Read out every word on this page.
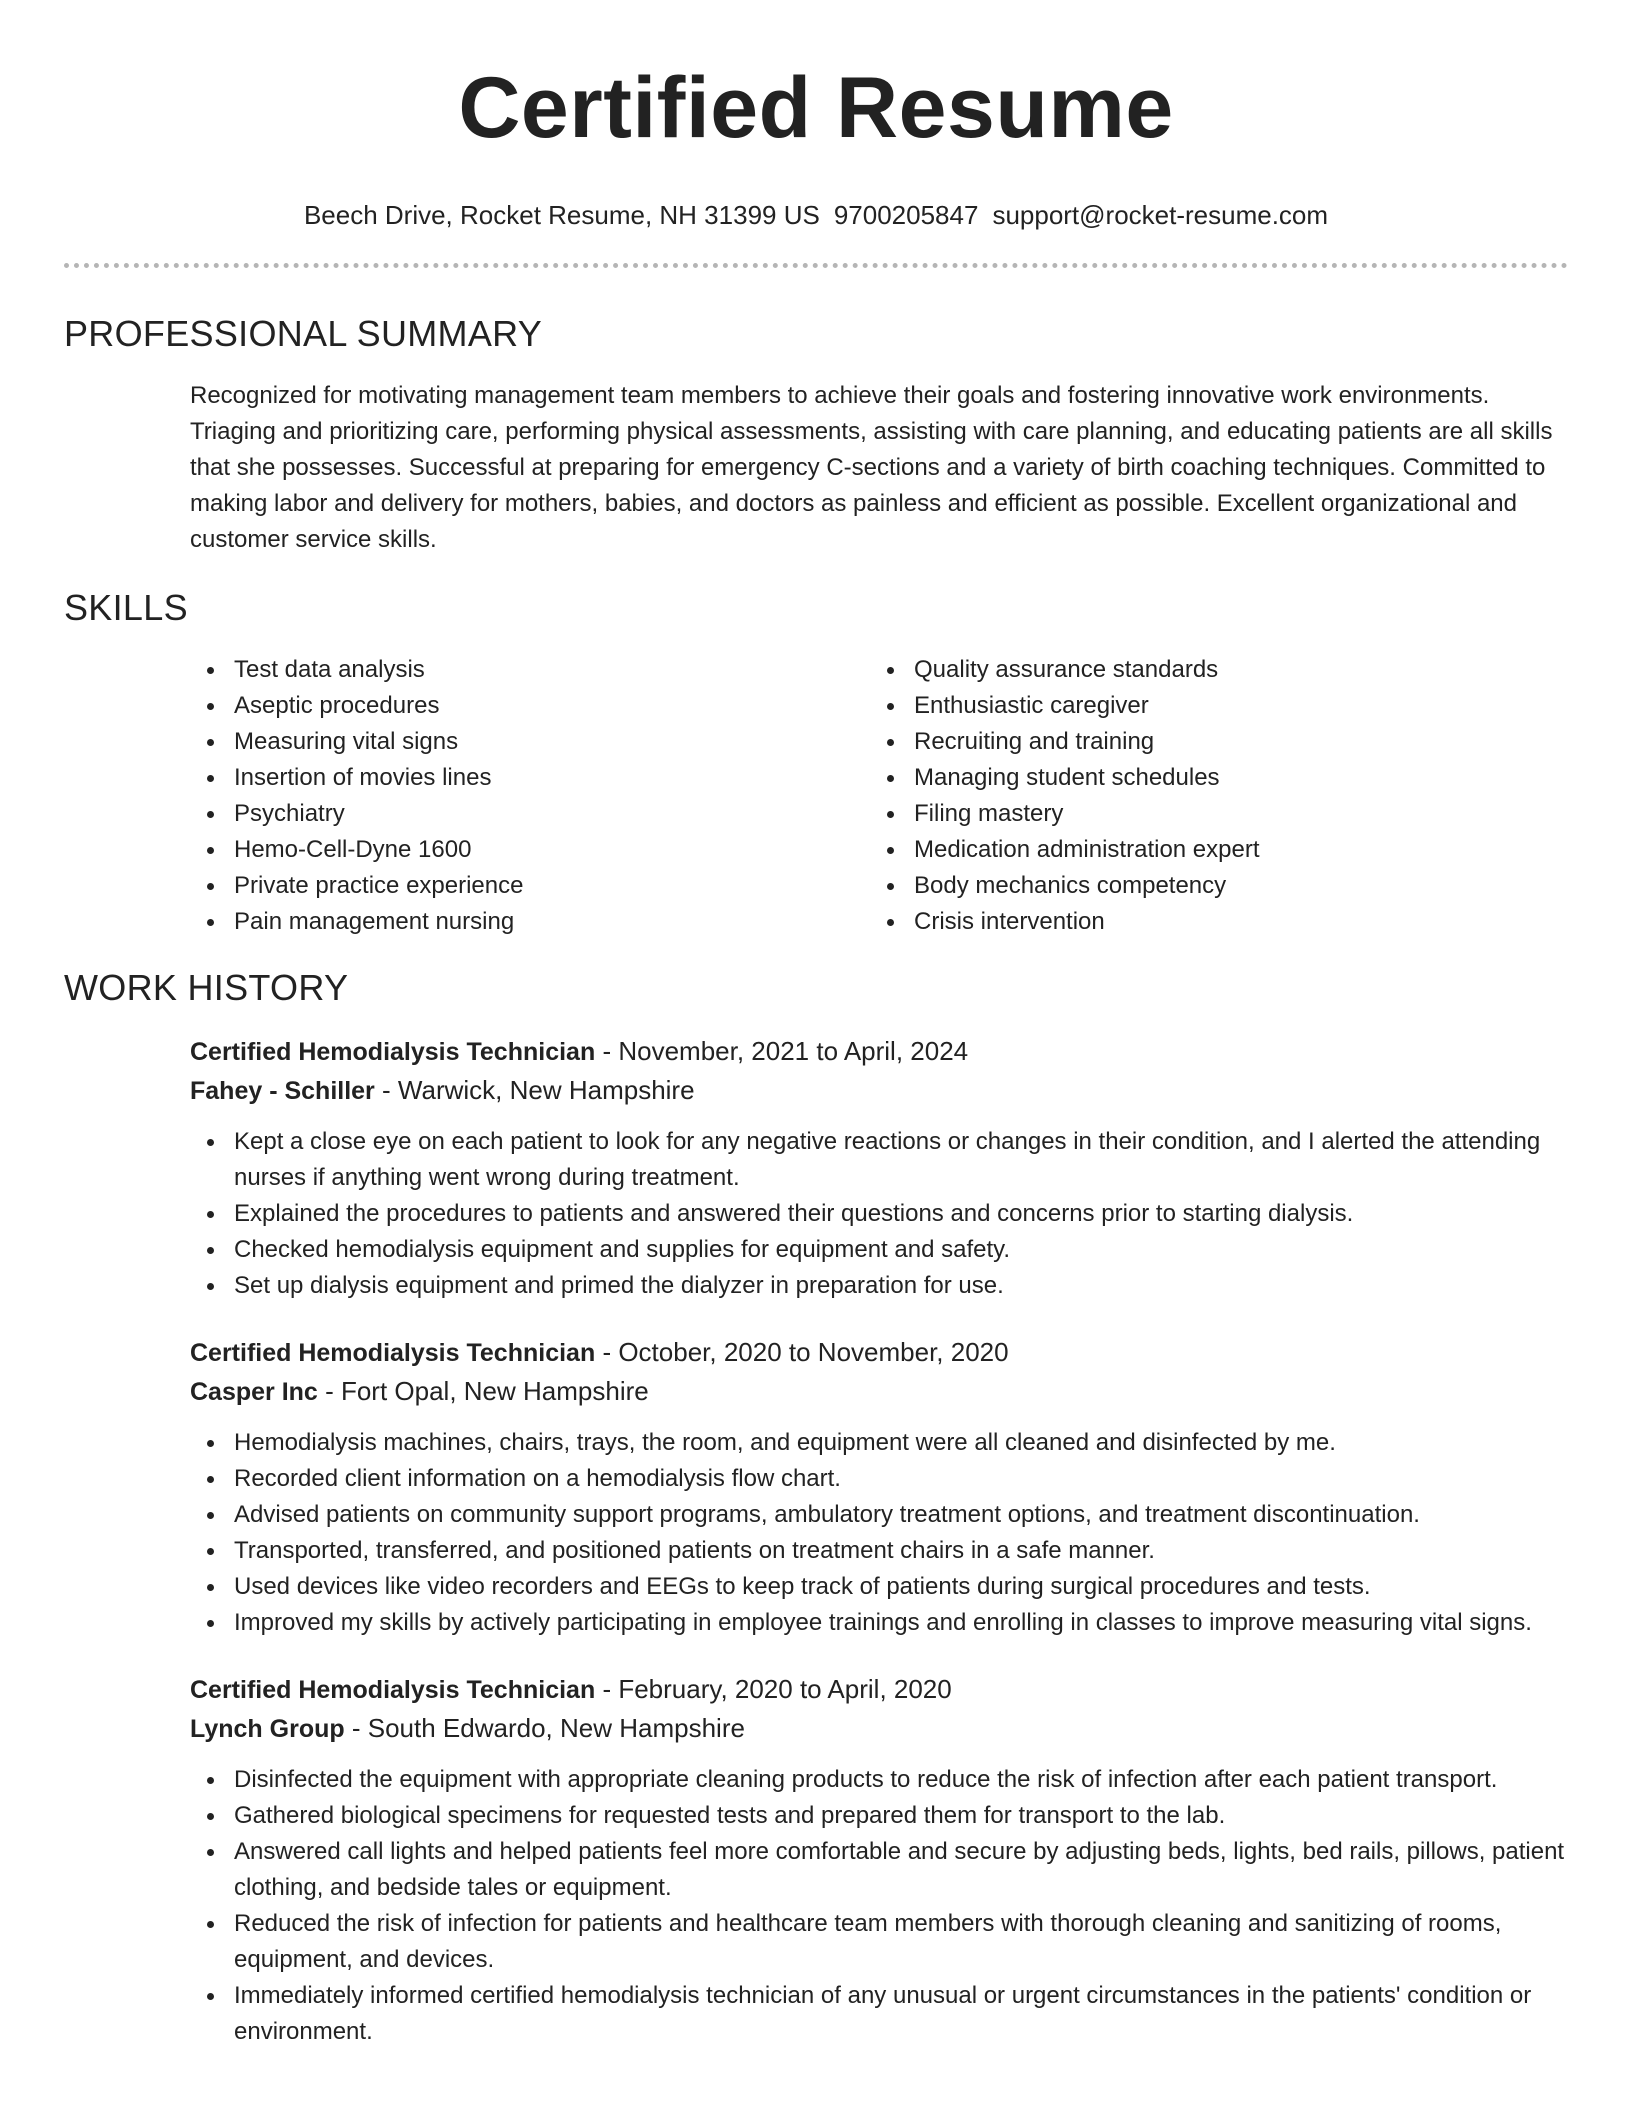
Certified Resume
Beech Drive, Rocket Resume, NH 31399 US 9700205847 support@rocket-resume.com
PROFESSIONAL SUMMARY

Recognized for motivating management team members to achieve their goals and fostering innovative work environments. Triaging and prioritizing care, performing physical assessments, assisting with care planning, and educating patients are all skills that she possesses. Successful at preparing for emergency C-sections and a variety of birth coaching techniques. Committed to making labor and delivery for mothers, babies, and doctors as painless and efficient as possible. Excellent organizational and customer service skills.

SKILLS
Test data analysis
Aseptic procedures
Measuring vital signs
Insertion of movies lines
Psychiatry
Hemo-Cell-Dyne 1600
Private practice experience
Pain management nursing
Quality assurance standards
Enthusiastic caregiver
Recruiting and training
Managing student schedules
Filing mastery
Medication administration expert
Body mechanics competency
Crisis intervention
WORK HISTORY
Certified Hemodialysis Technician - November, 2021 to April, 2024
Fahey - Schiller - Warwick, New Hampshire
Kept a close eye on each patient to look for any negative reactions or changes in their condition, and I alerted the attending nurses if anything went wrong during treatment.
Explained the procedures to patients and answered their questions and concerns prior to starting dialysis.
Checked hemodialysis equipment and supplies for equipment and safety.
Set up dialysis equipment and primed the dialyzer in preparation for use.
Certified Hemodialysis Technician - October, 2020 to November, 2020
Casper Inc - Fort Opal, New Hampshire
Hemodialysis machines, chairs, trays, the room, and equipment were all cleaned and disinfected by me.
Recorded client information on a hemodialysis flow chart.
Advised patients on community support programs, ambulatory treatment options, and treatment discontinuation.
Transported, transferred, and positioned patients on treatment chairs in a safe manner.
Used devices like video recorders and EEGs to keep track of patients during surgical procedures and tests.
Improved my skills by actively participating in employee trainings and enrolling in classes to improve measuring vital signs.
Certified Hemodialysis Technician - February, 2020 to April, 2020
Lynch Group - South Edwardo, New Hampshire
Disinfected the equipment with appropriate cleaning products to reduce the risk of infection after each patient transport.
Gathered biological specimens for requested tests and prepared them for transport to the lab.
Answered call lights and helped patients feel more comfortable and secure by adjusting beds, lights, bed rails, pillows, patient clothing, and bedside tales or equipment.
Reduced the risk of infection for patients and healthcare team members with thorough cleaning and sanitizing of rooms, equipment, and devices.
Immediately informed certified hemodialysis technician of any unusual or urgent circumstances in the patients' condition or environment.
